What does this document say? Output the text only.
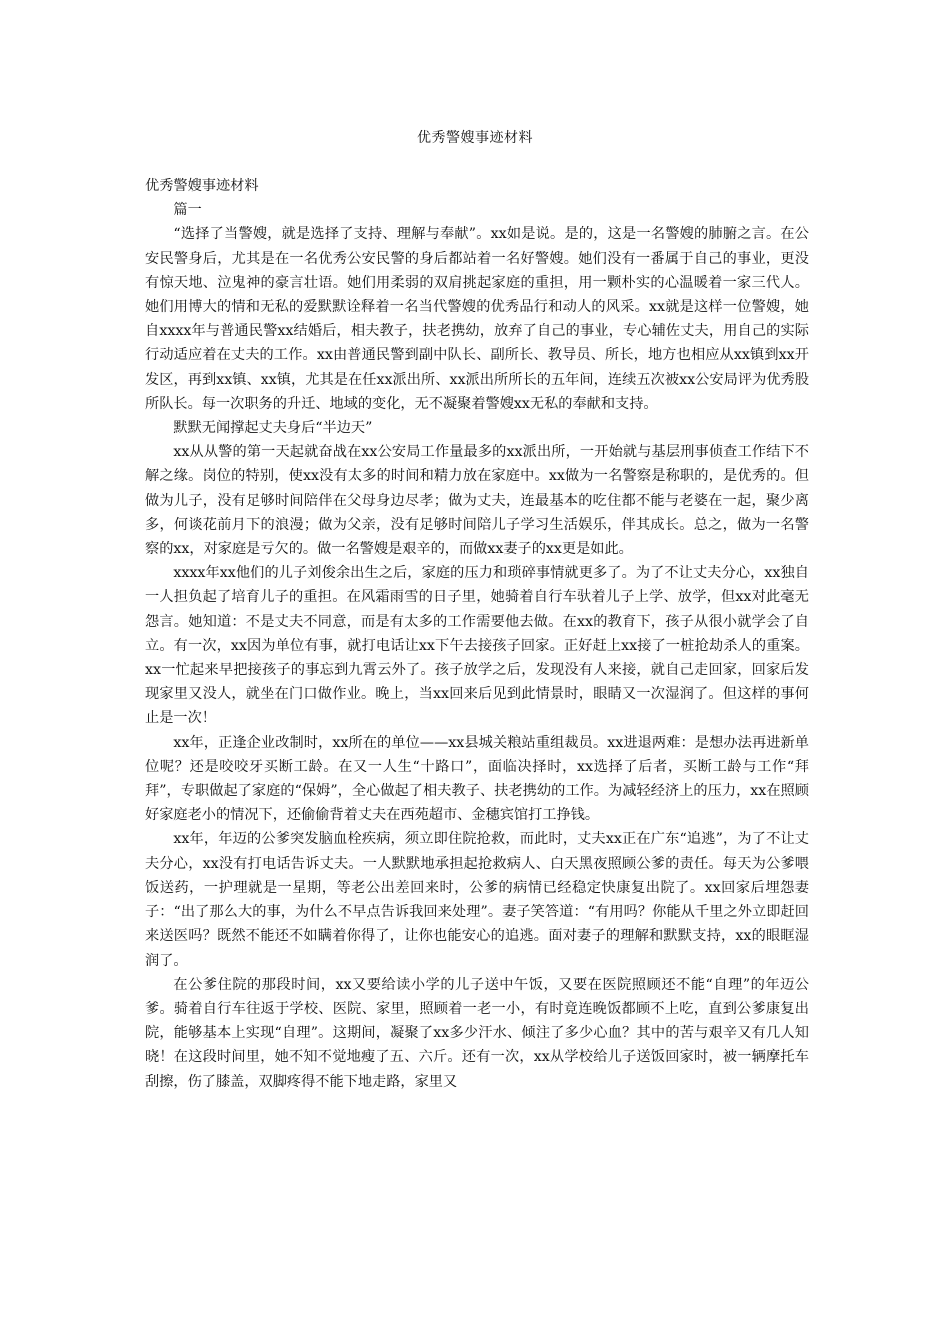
优秀警嫂事迹材料

优秀警嫂事迹材料

篇一

“选择了当警嫂，就是选择了支持、理解与奉献”。xx如是说。是的，这是一名警嫂的肺腑之言。在公安民警身后，尤其是在一名优秀公安民警的身后都站着一名好警嫂。她们没有一番属于自己的事业，更没有惊天地、泣鬼神的豪言壮语。她们用柔弱的双肩挑起家庭的重担，用一颗朴实的心温暖着一家三代人。她们用博大的情和无私的爱默默诠释着一名当代警嫂的优秀品行和动人的风采。xx就是这样一位警嫂，她自xxxx年与普通民警xx结婚后，相夫教子，扶老携幼，放弃了自己的事业，专心辅佐丈夫，用自己的实际行动适应着在丈夫的工作。xx由普通民警到副中队长、副所长、教导员、所长，地方也相应从xx镇到xx开发区，再到xx镇、xx镇，尤其是在任xx派出所、xx派出所所长的五年间，连续五次被xx公安局评为优秀股所队长。每一次职务的升迁、地域的变化，无不凝聚着警嫂xx无私的奉献和支持。

默默无闻撑起丈夫身后“半边天”

xx从从警的第一天起就奋战在xx公安局工作量最多的xx派出所，一开始就与基层刑事侦查工作结下不解之缘。岗位的特别，使xx没有太多的时间和精力放在家庭中。xx做为一名警察是称职的，是优秀的。但做为儿子，没有足够时间陪伴在父母身边尽孝；做为丈夫，连最基本的吃住都不能与老婆在一起，聚少离多，何谈花前月下的浪漫；做为父亲，没有足够时间陪儿子学习生活娱乐，伴其成长。总之，做为一名警察的xx，对家庭是亏欠的。做一名警嫂是艰辛的，而做xx妻子的xx更是如此。

xxxx年xx他们的儿子刘俊余出生之后，家庭的压力和琐碎事情就更多了。为了不让丈夫分心，xx独自一人担负起了培育儿子的重担。在风霜雨雪的日子里，她骑着自行车驮着儿子上学、放学，但xx对此毫无怨言。她知道：不是丈夫不同意，而是有太多的工作需要他去做。在xx的教育下，孩子从很小就学会了自立。有一次，xx因为单位有事，就打电话让xx下午去接孩子回家。正好赶上xx接了一桩抢劫杀人的重案。xx一忙起来早把接孩子的事忘到九霄云外了。孩子放学之后，发现没有人来接，就自己走回家，回家后发现家里又没人，就坐在门口做作业。晚上，当xx回来后见到此情景时，眼睛又一次湿润了。但这样的事何止是一次！

xx年，正逢企业改制时，xx所在的单位——xx县城关粮站重组裁员。xx进退两难：是想办法再进新单位呢？还是咬咬牙买断工龄。在又一人生“十路口”，面临决择时，xx选择了后者，买断工龄与工作“拜拜”，专职做起了家庭的“保姆”，全心做起了相夫教子、扶老携幼的工作。为减轻经济上的压力，xx在照顾好家庭老小的情况下，还偷偷背着丈夫在西苑超市、金穗宾馆打工挣钱。

xx年，年迈的公爹突发脑血栓疾病，须立即住院抢救，而此时，丈夫xx正在广东“追逃”，为了不让丈夫分心，xx没有打电话告诉丈夫。一人默默地承担起抢救病人、白天黑夜照顾公爹的责任。每天为公爹喂饭送药，一护理就是一星期，等老公出差回来时，公爹的病情已经稳定快康复出院了。xx回家后埋怨妻子：“出了那么大的事，为什么不早点告诉我回来处理”。妻子笑答道：“有用吗？你能从千里之外立即赶回来送医吗？既然不能还不如瞒着你得了，让你也能安心的追逃。面对妻子的理解和默默支持，xx的眼眶湿润了。

在公爹住院的那段时间，xx又要给读小学的儿子送中午饭，又要在医院照顾还不能“自理”的年迈公爹。骑着自行车往返于学校、医院、家里，照顾着一老一小，有时竟连晚饭都顾不上吃，直到公爹康复出院，能够基本上实现“自理”。这期间，凝聚了xx多少汗水、倾注了多少心血？其中的苦与艰辛又有几人知晓！在这段时间里，她不知不觉地瘦了五、六斤。还有一次，xx从学校给儿子送饭回家时，被一辆摩托车刮擦，伤了膝盖，双脚疼得不能下地走路，家里又
